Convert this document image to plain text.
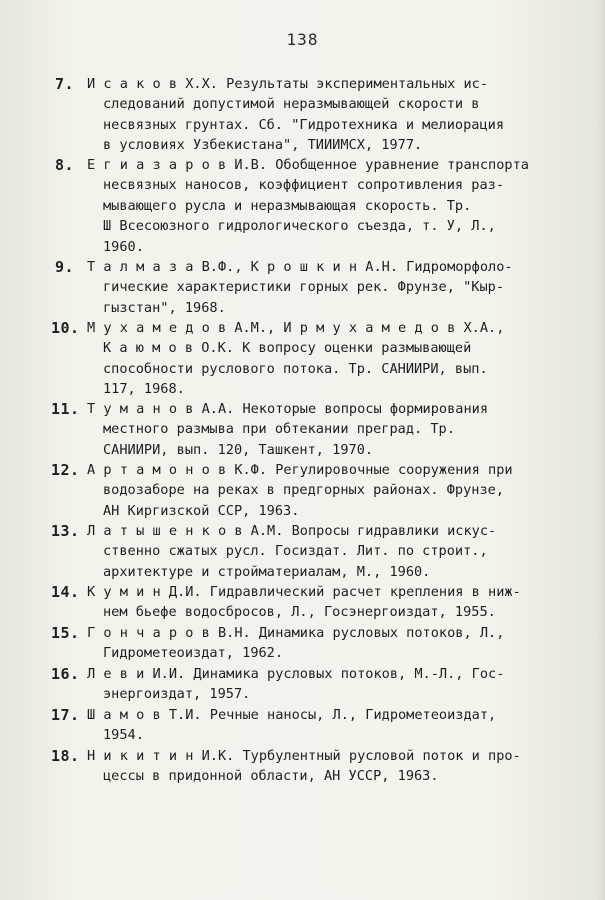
138
7. И с а к о в Х.Х. Результаты экспериментальных ис-
следований допустимой неразмывающей скорости в
несвязных грунтах. Сб. "Гидротехника и мелиорация
в условиях Узбекистана", ТИИИМСХ, 1977.
8. Е г и а з а р о в И.В. Обобщенное уравнение транспорта
несвязных наносов, коэффициент сопротивления раз-
мывающего русла и неразмывающая скорость. Тр.
Ш Всесоюзного гидрологического съезда, т. У, Л.,
1960.
9. Т а л м а з а В.Ф., К р о ш к и н А.Н. Гидроморфоло-
гические характеристики горных рек. Фрунзе, "Кыр-
гызстан", 1968.
10. М у х а м е д о в А.М., И р м у х а м е д о в Х.А.,
К а ю м о в О.К. К вопросу оценки размывающей
способности руслового потока. Тр. САНИИРИ, вып.
117, 1968.
11. Т у м а н о в А.А. Некоторые вопросы формирования
местного размыва при обтекании преград. Тр.
САНИИРИ, вып. 120, Ташкент, 1970.
12. А р т а м о н о в К.Ф. Регулировочные сооружения при
водозаборе на реках в предгорных районах. Фрунзе,
АН Киргизской ССР, 1963.
13. Л а т ы ш е н к о в А.М. Вопросы гидравлики искус-
ственно сжатых русл. Госиздат. Лит. по строит.,
архитектуре и стройматериалам, М., 1960.
14. К у м и н Д.И. Гидравлический расчет крепления в ниж-
нем бьефе водосбросов, Л., Госэнергоиздат, 1955.
15. Г о н ч а р о в В.Н. Динамика русловых потоков, Л.,
Гидрометеоиздат, 1962.
16. Л е в и И.И. Динамика русловых потоков, М.-Л., Гос-
энергоиздат, 1957.
17. Ш а м о в Т.И. Речные наносы, Л., Гидрометеоиздат,
1954.
18. Н и к и т и н И.К. Турбулентный русловой поток и про-
цессы в придонной области, АН УССР, 1963.
